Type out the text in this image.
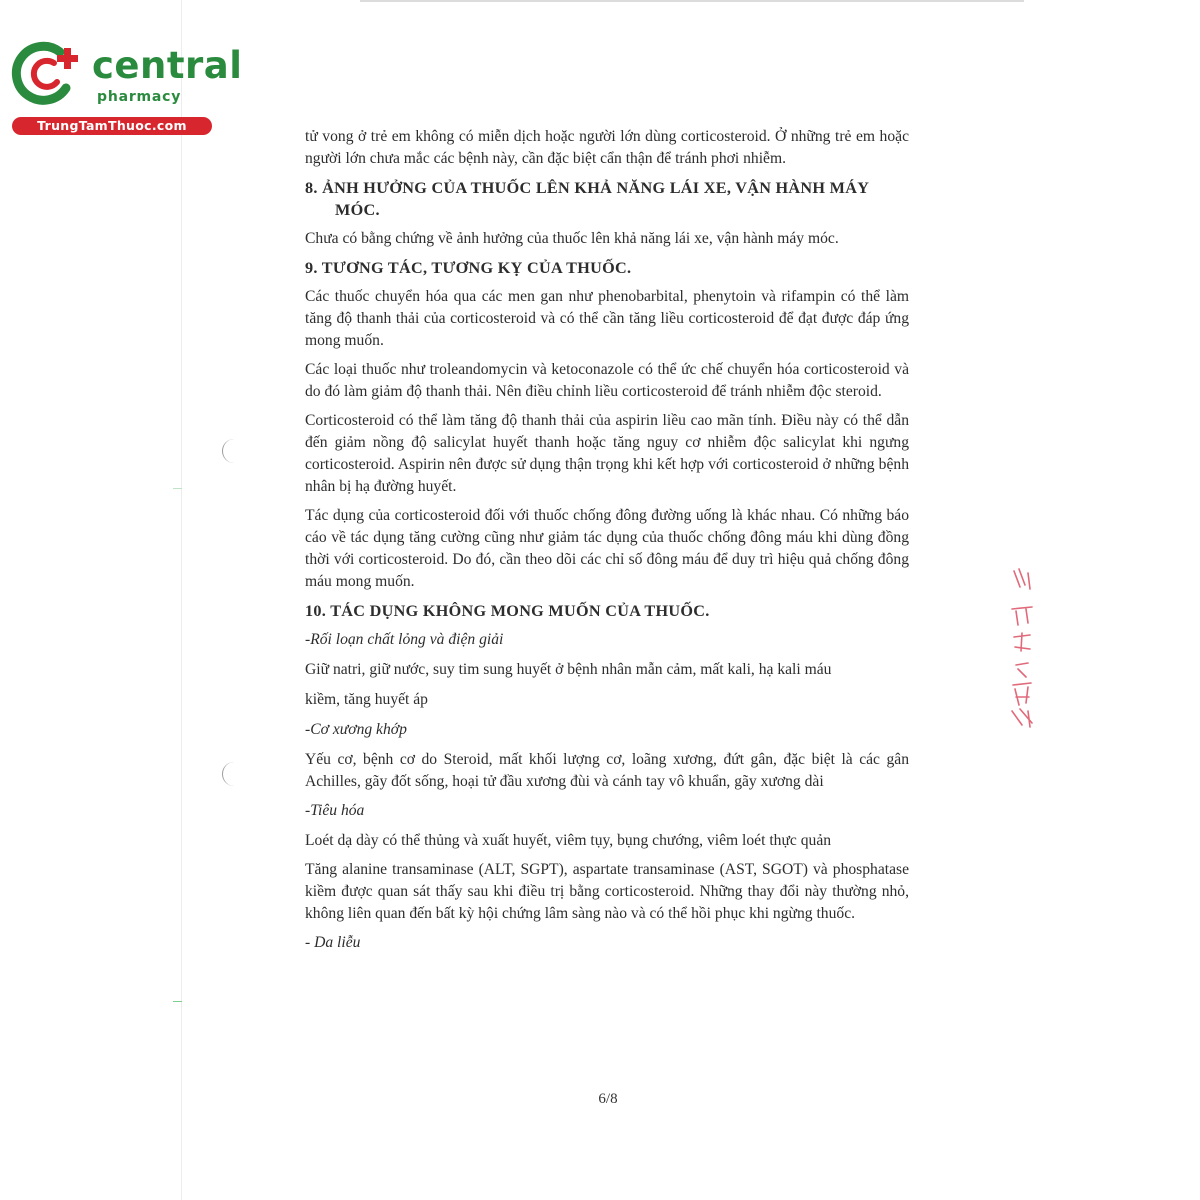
central
pharmacy
TrungTamThuoc.com

tử vong ở trẻ em không có miễn dịch hoặc người lớn dùng corticosteroid. Ở những trẻ em hoặc người lớn chưa mắc các bệnh này, cần đặc biệt cẩn thận để tránh phơi nhiễm.

8. ẢNH HƯỞNG CỦA THUỐC LÊN KHẢ NĂNG LÁI XE, VẬN HÀNH MÁY MÓC.

Chưa có bằng chứng về ảnh hưởng của thuốc lên khả năng lái xe, vận hành máy móc.

9. TƯƠNG TÁC, TƯƠNG KỴ CỦA THUỐC.

Các thuốc chuyển hóa qua các men gan như phenobarbital, phenytoin và rifampin có thể làm tăng độ thanh thải của corticosteroid và có thể cần tăng liều corticosteroid để đạt được đáp ứng mong muốn.

Các loại thuốc như troleandomycin và ketoconazole có thể ức chế chuyển hóa corticosteroid và do đó làm giảm độ thanh thải. Nên điều chỉnh liều corticosteroid để tránh nhiễm độc steroid.

Corticosteroid có thể làm tăng độ thanh thải của aspirin liều cao mãn tính. Điều này có thể dẫn đến giảm nồng độ salicylat huyết thanh hoặc tăng nguy cơ nhiễm độc salicylat khi ngưng corticosteroid. Aspirin nên được sử dụng thận trọng khi kết hợp với corticosteroid ở những bệnh nhân bị hạ đường huyết.

Tác dụng của corticosteroid đối với thuốc chống đông đường uống là khác nhau. Có những báo cáo về tác dụng tăng cường cũng như giảm tác dụng của thuốc chống đông máu khi dùng đồng thời với corticosteroid. Do đó, cần theo dõi các chỉ số đông máu để duy trì hiệu quả chống đông máu mong muốn.

10. TÁC DỤNG KHÔNG MONG MUỐN CỦA THUỐC.

-Rối loạn chất lỏng và điện giải

Giữ natri, giữ nước, suy tim sung huyết ở bệnh nhân mẫn cảm, mất kali, hạ kali máu

kiềm, tăng huyết áp

-Cơ xương khớp

Yếu cơ, bệnh cơ do Steroid, mất khối lượng cơ, loãng xương, đứt gân, đặc biệt là các gân Achilles, gãy đốt sống, hoại tử đầu xương đùi và cánh tay vô khuẩn, gãy xương dài

-Tiêu hóa

Loét dạ dày có thể thủng và xuất huyết, viêm tụy, bụng chướng, viêm loét thực quản

Tăng alanine transaminase (ALT, SGPT), aspartate transaminase (AST, SGOT) và phosphatase kiềm được quan sát thấy sau khi điều trị bằng corticosteroid. Những thay đổi này thường nhỏ, không liên quan đến bất kỳ hội chứng lâm sàng nào và có thể hồi phục khi ngừng thuốc.

- Da liễu

6/8
